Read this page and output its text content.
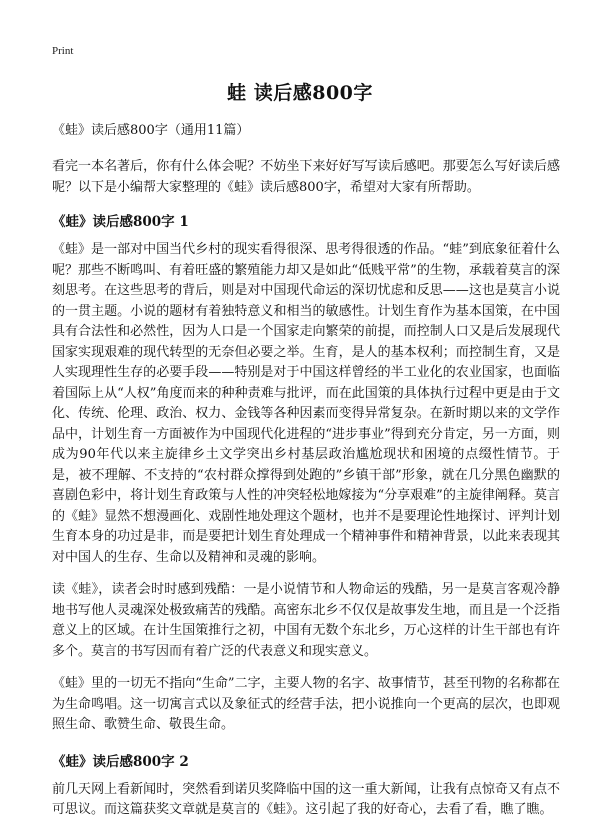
Print
蛙 读后感800字
《蛙》读后感800字（通用11篇）

看完一本名著后，你有什么体会呢？不妨坐下来好好写写读后感吧。那要怎么写好读后感呢？以下是小编帮大家整理的《蛙》读后感800字，希望对大家有所帮助。

《蛙》读后感800字 1

《蛙》是一部对中国当代乡村的现实看得很深、思考得很透的作品。“蛙”到底象征着什么呢？那些不断鸣叫、有着旺盛的繁殖能力却又是如此“低贱平常”的生物，承载着莫言的深刻思考。在这些思考的背后，则是对中国现代命运的深切忧虑和反思——这也是莫言小说的一贯主题。小说的题材有着独特意义和相当的敏感性。计划生育作为基本国策，在中国具有合法性和必然性，因为人口是一个国家走向繁荣的前提，而控制人口又是后发展现代国家实现艰难的现代转型的无奈但必要之举。生育，是人的基本权利；而控制生育，又是人实现理性生存的必要手段——特别是对于中国这样曾经的半工业化的农业国家，也面临着国际上从“人权”角度而来的种种责难与批评，而在此国策的具体执行过程中更是由于文化、传统、伦理、政治、权力、金钱等各种因素而变得异常复杂。在新时期以来的文学作品中，计划生育一方面被作为中国现代化进程的“进步事业”得到充分肯定，另一方面，则成为90年代以来主旋律乡土文学突出乡村基层政治尴尬现状和困境的点缀性情节。于是，被不理解、不支持的“农村群众撑得到处跑的”乡镇干部”形象，就在几分黑色幽默的喜剧色彩中，将计划生育政策与人性的冲突轻松地嫁接为“分享艰难”的主旋律阐释。莫言的《蛙》显然不想漫画化、戏剧性地处理这个题材，也并不是要理论性地探讨、评判计划生育本身的功过是非，而是要把计划生育处理成一个精神事件和精神背景，以此来表现其对中国人的生存、生命以及精神和灵魂的影响。

读《蛙》，读者会时时感到残酷：一是小说情节和人物命运的残酷，另一是莫言客观冷静地书写他人灵魂深处极致痛苦的残酷。高密东北乡不仅仅是故事发生地，而且是一个泛指意义上的区域。在计生国策推行之初，中国有无数个东北乡，万心这样的计生干部也有许多个。莫言的书写因而有着广泛的代表意义和现实意义。

《蛙》里的一切无不指向“生命”二字，主要人物的名字、故事情节，甚至刊物的名称都在为生命鸣唱。这一切寓言式以及象征式的经营手法，把小说推向一个更高的层次，也即观照生命、歌赞生命、敬畏生命。

《蛙》读后感800字 2

前几天网上看新闻时，突然看到诺贝奖降临中国的这一重大新闻，让我有点惊奇又有点不可思议。而这篇获奖文章就是莫言的《蛙》。这引起了我的好奇心，去看了看，瞧了瞧。
